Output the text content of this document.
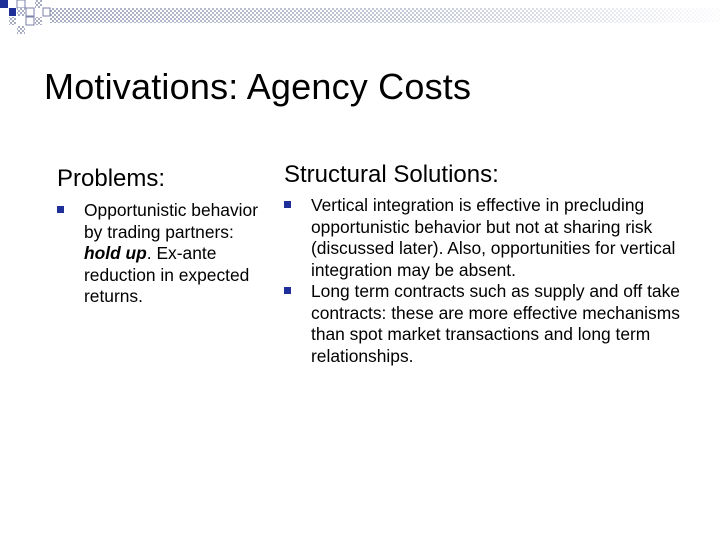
Motivations: Agency Costs
Problems:
Opportunistic behavior by trading partners: hold up. Ex-ante reduction in expected returns.
Structural Solutions:
Vertical integration is effective in precluding opportunistic behavior but not at sharing risk (discussed later). Also, opportunities for vertical integration may be absent.
Long term contracts such as supply and off take contracts: these are more effective mechanisms than spot market transactions and long term relationships.
